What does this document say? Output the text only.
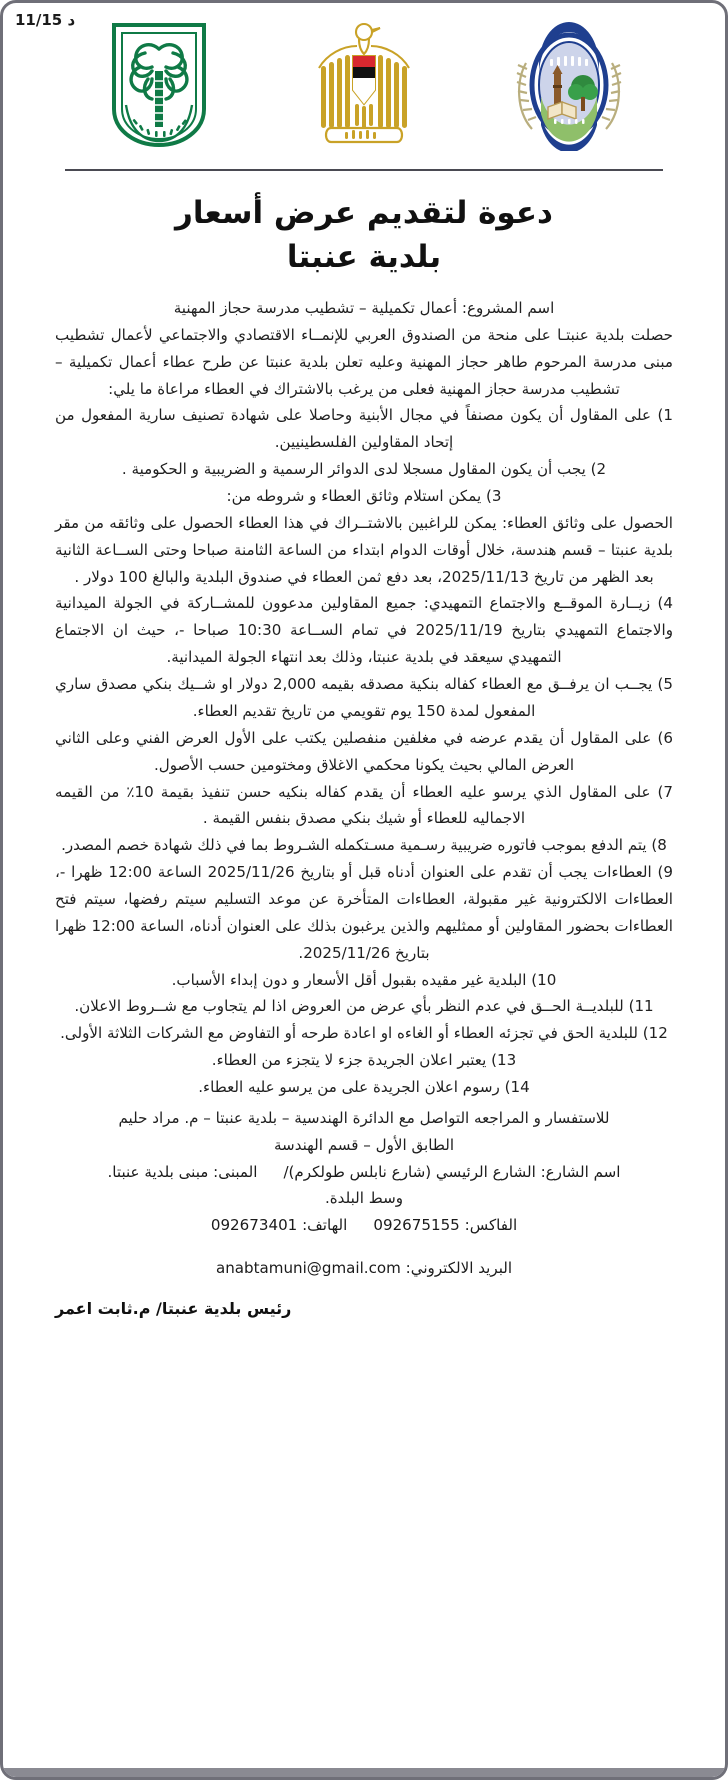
11/15 د
دعوة لتقديم عرض أسعار
بلدية عنبتا

اسم المشروع: أعمال تكميلية – تشطيب مدرسة حجاز المهنية

حصلت بلدية عنبتـا على منحة من الصندوق العربي للإنمــاء الاقتصادي والاجتماعي لأعمال تشطيب مبنى مدرسة المرحوم طاهر حجاز المهنية وعليه تعلن بلدية عنبتا عن طرح عطاء أعمال تكميلية – تشطيب مدرسة حجاز المهنية فعلى من يرغب بالاشتراك في العطاء مراعاة ما يلي:

1) على المقاول أن يكون مصنفاً في مجال الأبنية وحاصلا على شهادة تصنيف سارية المفعول من إتحاد المقاولين الفلسطينيين.

2) يجب أن يكون المقاول مسجلا لدى الدوائر الرسمية و الضريبية و الحكومية .

3) يمكن استلام وثائق العطاء و شروطه من:

الحصول على وثائق العطاء: يمكن للراغبين بالاشتــراك في هذا العطاء الحصول على وثائقه من مقر بلدية عنبتا – قسم هندسة، خلال أوقات الدوام ابتداء من الساعة الثامنة صباحا وحتى الســاعة الثانية بعد الظهر من تاريخ 2025/11/13، بعد دفع ثمن العطاء في صندوق البلدية والبالغ 100 دولار .

4) زيــارة الموقــع والاجتماع التمهيدي: جميع المقاولين مدعوون للمشــاركة في الجولة الميدانية والاجتماع التمهيدي بتاريخ 2025/11/19 في تمام الســاعة 10:30 صباحا -، حيث ان الاجتماع التمهيدي سيعقد في بلدية عنبتا، وذلك بعد انتهاء الجولة الميدانية.

5) يجــب ان يرفــق مع العطاء كفاله بنكية مصدقه بقيمه 2,000 دولار او شــيك بنكي مصدق ساري المفعول لمدة 150 يوم تقويمي من تاريخ تقديم العطاء.

6) على المقاول أن يقدم عرضه في مغلفين منفصلين يكتب على الأول العرض الفني وعلى الثاني العرض المالي بحيث يكونا محكمي الاغلاق ومختومين حسب الأصول.

7) على المقاول الذي يرسو عليه العطاء أن يقدم كفاله بنكيه حسن تنفيذ بقيمة 10٪ من القيمه الاجماليه للعطاء أو شيك بنكي مصدق بنفس القيمة .

8) يتم الدفع بموجب فاتوره ضريبية رسـمية مسـتكمله الشـروط بما في ذلك شهادة خصم المصدر.

9) العطاءات يجب أن تقدم على العنوان أدناه قبل أو بتاريخ 2025/11/26 الساعة 12:00 ظهرا -، العطاءات الالكترونية غير مقبولة، العطاءات المتأخرة عن موعد التسليم سيتم رفضها، سيتم فتح العطاءات بحضور المقاولين أو ممثليهم والذين يرغبون بذلك على العنوان أدناه، الساعة 12:00 ظهرا بتاريخ 2025/11/26.

10) البلدية غير مقيده بقبول أقل الأسعار و دون إبداء الأسباب.

11) للبلديــة الحــق في عدم النظر بأي عرض من العروض اذا لم يتجاوب مع شــروط الاعلان.

12) للبلدية الحق في تجزئه العطاء أو الغاءه او اعادة طرحه أو التفاوض مع الشركات الثلاثة الأولى.

13) يعتبر اعلان الجريدة جزء لا يتجزء من العطاء.

14) رسوم اعلان الجريدة على من يرسو عليه العطاء.

للاستفسار و المراجعه التواصل مع الدائرة الهندسية – بلدية عنبتا – م. مراد حليم

الطابق الأول – قسم الهندسة

اسم الشارع: الشارع الرئيسي (شارع نابلس طولكرم)/
المبنى: مبنى بلدية عنبتا.

وسط البلدة.

الفاكس: 092675155
الهاتف: 092673401

البريد الالكتروني: anabtamuni@gmail.com

رئيس بلدية عنبتا/ م.ثابت اعمر
